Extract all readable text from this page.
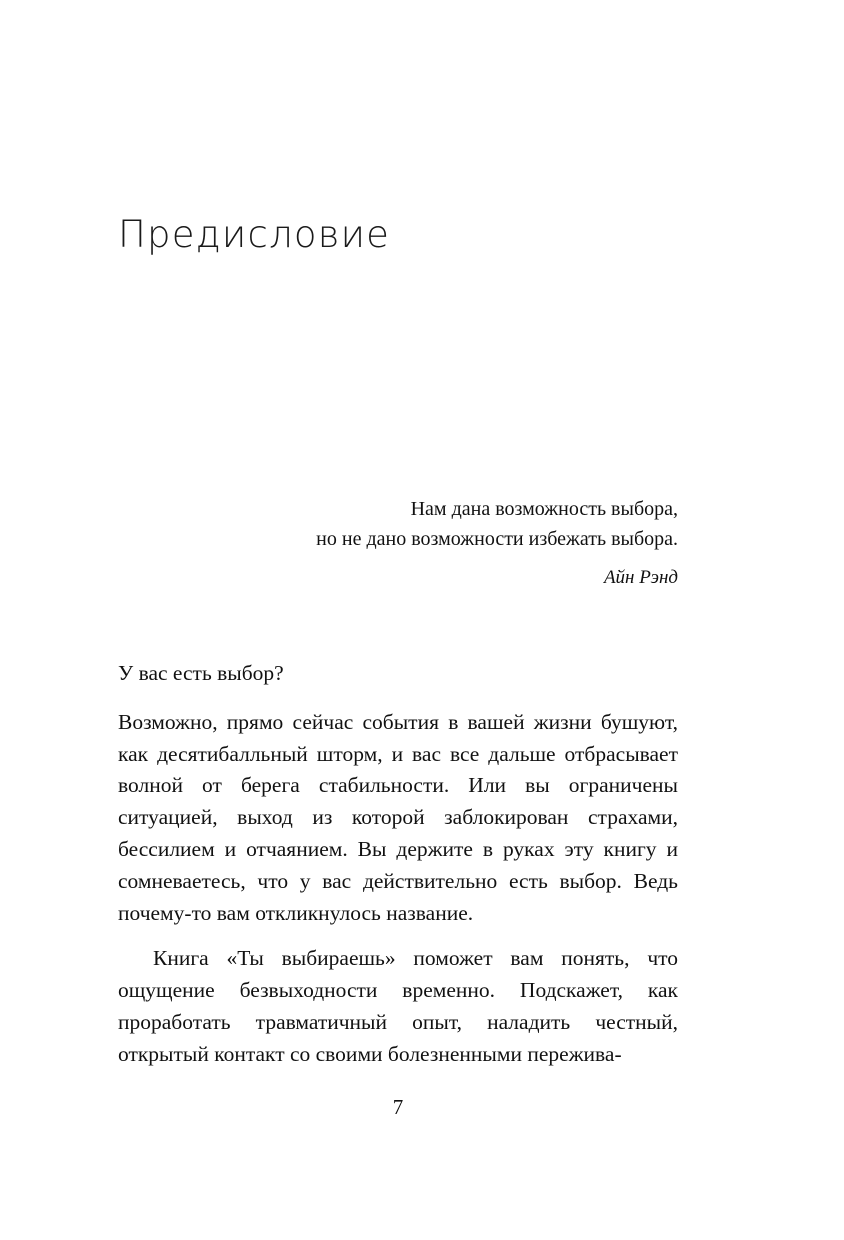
Предисловие
Нам дана возможность выбора,
но не дано возможности избежать выбора.
Айн Рэнд

У вас есть выбор?

Возможно, прямо сейчас события в вашей жизни бушуют, как десятибалльный шторм, и вас все дальше отбрасывает волной от берега стабильности. Или вы ограничены ситуацией, выход из которой заблокирован страхами, бессилием и отчаянием. Вы держите в руках эту книгу и сомневаетесь, что у вас действительно есть выбор. Ведь почему-то вам откликнулось название.

Книга «Ты выбираешь» поможет вам понять, что ощущение безвыходности временно. Подскажет, как проработать травматичный опыт, наладить честный, открытый контакт со своими болезненными пережива-

7
